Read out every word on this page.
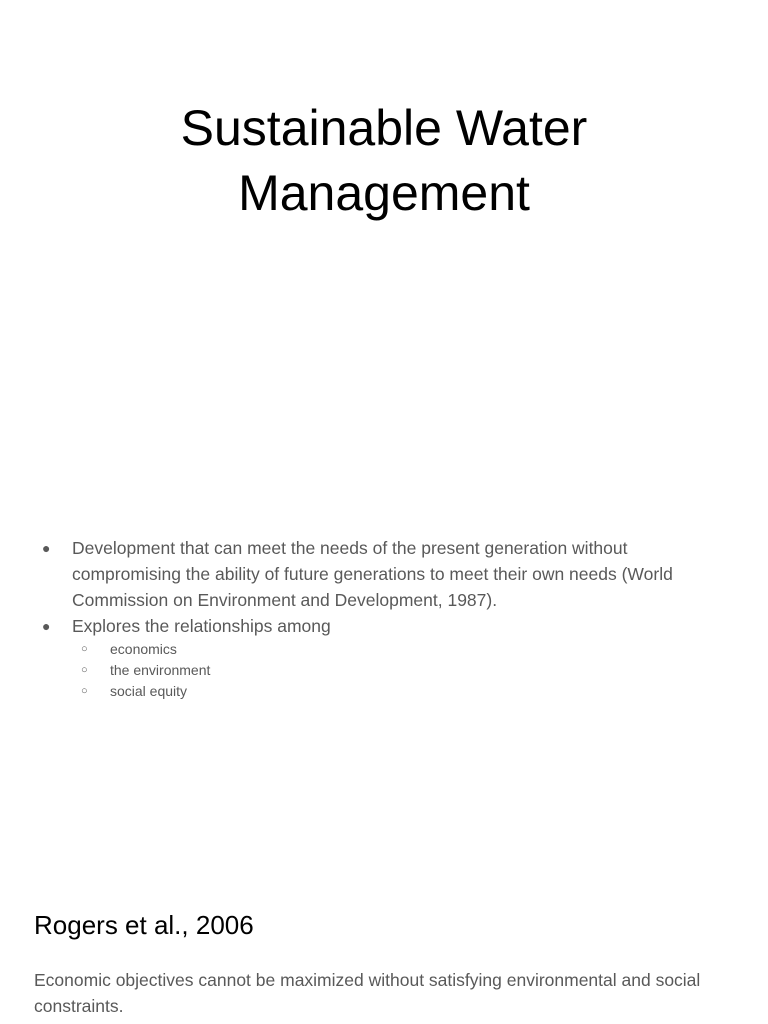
Sustainable Water
Management
● Development that can meet the needs of the present generation without compromising the ability of future generations to meet their own needs (World Commission on Environment and Development, 1987).
● Explores the relationships among
○ economics
○ the environment
○ social equity
Rogers et al., 2006

Economic objectives cannot be maximized without satisfying environmental and social constraints.
